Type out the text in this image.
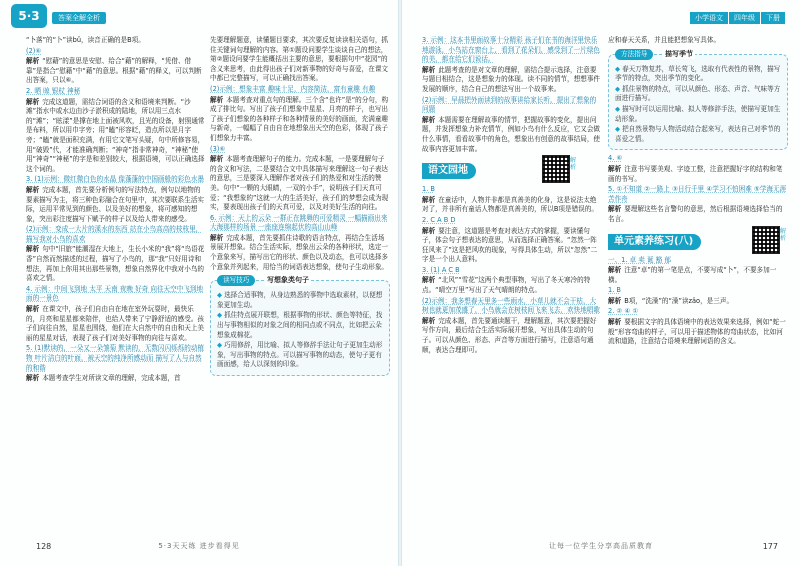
5·3	答案全解全析

“卜落”的“卜”读bǔ，读音正确的是B项。

(2)⑥

解析 “慰藉”的意思是安慰、给合“藉”的解释，“凭借、借靠”是指合“慰藉”中“藉”的意思。根据“藉”的释义，可以判断出答案，只以⑥。

2. 晒 晾 银杖 神秘

解析 完成这道题，需结合词语的含义和语境来判断。“沙滩”指水中或水边由沙子淤积成的陆地，所以用三点水的“滩”；“眩漾”是撑在地上面被风吹，且光的设备，射照通常是布料，所以用巾字旁；用“瞌”形容眨，造点所以是月字旁；“瞌”就是面积充满，有用它文笔写头疑，句中所修容易，用“破毁”代，才能准确判断；“神奇”指非常神奇，“神秘”使用“神奇”“神秘”的字是和差别较大，根据语境，可以正确选择这个词的。

3. (1)示例：微红微白色的水晶 像蓬蓬的中国画般的彩色水墨

解析 完成本题，首先要分析例句的写法特点，例句以地物的要素描写为主，将三种色彩融合在句里中，其次要联系生活实际，运用平常见到的颜色、以及美好的想象，将可感知的想象，突出彩注度描写下赋予的样子以及给人带来的感受。

(2)示例：变成一大片的溪水的东西 站在小鸟高高的枝枝里，描写我对小鸟的喜欢

解析 句中“旧旅”能潮湿在大地上，生长小米的“我”将“鸟语花香”自然而然描述的过程，描写了小鸟的，那“我”只好用诗和想法，再加上你用其出那些景物，想象自然界化中我对小鸟的喜欢之情。

4. 示例：中间飞到地 太平 天南 夜晚 好奇 向往天空中飞到地面的一景色

解析 在课文中，孩子们自由自在地在室外玩耍时，最快乐的，月亮和星星都来陪伴，也给人带来了宁静舒适的感受。孩子们向往自然，星星也围绕，他们在大自然中的自由和天上美丽的星星对话，表现了孩子们对美好事物的向往与喜欢。

5. (1)默读的，一朵又一朵雏菊 默读的，无数闪闪烁烁的动植物 叶片洁白的叶面，被天空的纯净所感动而 描写了人与自然的和谐

解析 本题考查学生对所读文章的理解，完成本题，首

先要理解题意，读懂题目要求，其次要反复读读相关语句，抓住关键词句理解的内容。第①题设问要学生谈谈自己的想法，第②题设问要学生能概括出主要的意思，要根据句中“花园”的含义来思考，由此得出孩子们对新事物的好奇与喜爱，在课文中都已完整描写，可以正确找出答案。

(2)示例：想象丰富 趣味十足，内容简洁，富有童趣 有趣

解析 本题考查对重点句的理解。三个含“也许”是“的分句，构成了排比句。写出了孩子们想象中星星、月亮的样子，也写出了孩子们想象的各种样子和各种情景的美好的画面，充满童趣与新奇，一幅幅了自由自在地想象出天空的色彩，体现了孩子们想象力丰富。

(3)⑥

解析 本题考查理解句子的能力。完成本题，一是要理解句子的含义和写法，二是要结合文中具体描写来理解这一句子表达的意思，三是要深入理解作者对孩子们的热爱和对生活的赞美。句中“一颗的大眼睛，一双的小手”，说明孩子们天真可爱；“我想象的”这就一大的生活美好，孩子们的梦想会成为现实，要表现出孩子们的天真可爱，以及对美好生活的向往。

6. 示例：天上的云朵 一群正在跳舞的可爱精灵 一幅描画出来大海那样的场景 一座座连绵起伏的高山山峰

解析 完成本题，首先要抓住诗歌的语言特点，再结合生活场景展开想象。结合生活实际，想象出云朵的各种形状，选定一个意象来写，描写出它的形状、颜色以及动态，也可以选择多个意象并列起来，用恰当的词语表达想象，使句子生动形象。

读写技巧	写想象类句子

◆ 选择合适事物，从身边熟悉的事物中选取素材，以便想象更加生动。

◆ 抓住特点展开联想，根据事物的形状、颜色等特征，找出与事物相似的对象之间的相同点或不同点，比如把云朵想象成棉花。

◆ 巧用修辞，用比喻、拟人等修辞手法让句子更加生动形象，写出事物的特点。可以描写事物的动态，使句子更有画面感，给人以深刻的印象。

128	5·3天天练 进步看得见
小学语文	四年级	下册

3. 示例：这本书里面故事十分精彩 孩子们在书的海洋里快乐地游泳，小鸟站在窗台上，看到了花朵们，感受到了一片绿色的美，都在给它们说话。

解析 此题考查的是对文章的理解，需结合提示选择，注意要与题目相结合，这是想象力的体现。读不同的情节，想想事件发展的顺序，结合自己的想法写出一个故事来。

(2)示例：早晨把外面读到的故事讲给家长听，提出了想象的问题

解析 本题需要在理解故事的情节，把握故事的变化，提出问题，并发挥想象力补充情节，例如小鸟有什么反应，它又会做什么事情，看看故事中的角色，想象出有创意的故事结局，使故事内容更加丰富。

语文园地
解析

1. B

解析 在童话中，人物并非都是真善美的化身，这是说法太绝对了，并非所有童话人物都是真善美的，所以B项是错误的。

2. C A B D

解析 要注意，这道题是考查对表达方式的掌握，要读懂句子，体会句子想表达的意思，从而选择正确答案。“忽然一阵狂风来了”这是把风吹的现象，写得具体生动，所以“忽然”二字是一个出人意料。

3. (1) A C B

解析 “北风”“雪花”这两个典型事物，写出了冬天寒冷的特点。“晴空万里”写出了天气晴朗的特点。

(2)示例：我多想春天里多一些雨水，小草儿就不会干枯，大树也就更加茂盛了，小鸟就会在树枝间飞来飞去，欢快地唱歌

解析 完成本题，首先要通读题干，理解题意，其次要把握好写作方向，最后结合生活实际展开想象，写出具体生动的句子。可以从颜色、形态、声音等方面进行描写，注意语句通顺，表达合理即可。

应和春天关系，并且能把想象写具体。

方法指导	描写季节

◆ 春天万物复苏，草长莺飞，选取有代表性的景物，描写季节的特点，突出季节的变化。

◆ 抓住景物的特点，可以从颜色、形态、声音、气味等方面进行描写。

◆ 描写时可以运用比喻、拟人等修辞手法，使描写更加生动形象。

◆ 把自然景物与人物活动结合起来写，表达自己对季节的喜爱之情。

4. ⑥

解析 注意书写要美观、字迹工整，注意把握好字的结构和笔画的书写。

5. ①不知道 ②一路上 ③日行千里 ④学习不怕困难 ⑤学海无涯苦作舟

解析 要理解这些名言警句的意思，然后根据语境选择恰当的名言。

单元素养练习(八)
解析

一、1. 卓 卖 诞 豁 郁

解析 注意“卓”的第一笔是点，不要写成“卜”，不要多加一横。

1. B

解析 B项，“洗澡”的“澡”读zǎo，是三声。

2. ② ④ ①

解析 要根据文字的具体语境中的表达效果来选择，例如“蛇一般”形容弯曲的样子，可以用于描述物体的弯曲状态，比如河流和道路，注意结合语境来理解词语的含义。

让每一位学生分享高品质教育	177
